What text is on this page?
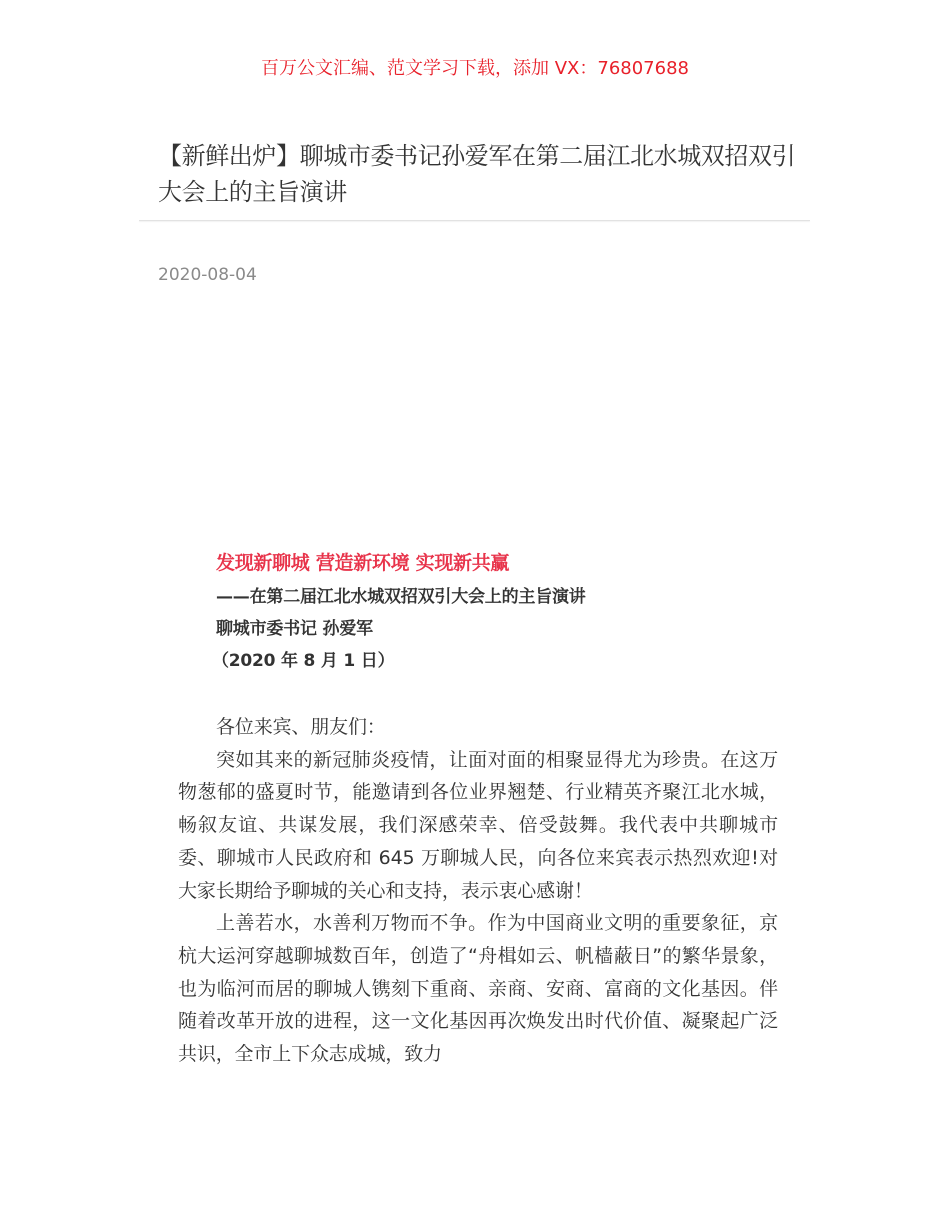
百万公文汇编、范文学习下载，添加 VX：76807688
【新鲜出炉】聊城市委书记孙爱军在第二届江北水城双招双引大会上的主旨演讲
2020-08-04
发现新聊城 营造新环境 实现新共赢
——在第二届江北水城双招双引大会上的主旨演讲
聊城市委书记 孙爱军
（2020 年 8 月 1 日）

各位来宾、朋友们：

突如其来的新冠肺炎疫情，让面对面的相聚显得尤为珍贵。在这万物葱郁的盛夏时节，能邀请到各位业界翘楚、行业精英齐聚江北水城，畅叙友谊、共谋发展，我们深感荣幸、倍受鼓舞。我代表中共聊城市委、聊城市人民政府和 645 万聊城人民，向各位来宾表示热烈欢迎!对大家长期给予聊城的关心和支持，表示衷心感谢！

上善若水，水善利万物而不争。作为中国商业文明的重要象征，京杭大运河穿越聊城数百年，创造了“舟楫如云、帆樯蔽日”的繁华景象，也为临河而居的聊城人镌刻下重商、亲商、安商、富商的文化基因。伴随着改革开放的进程，这一文化基因再次焕发出时代价值、凝聚起广泛共识，全市上下众志成城，致力
